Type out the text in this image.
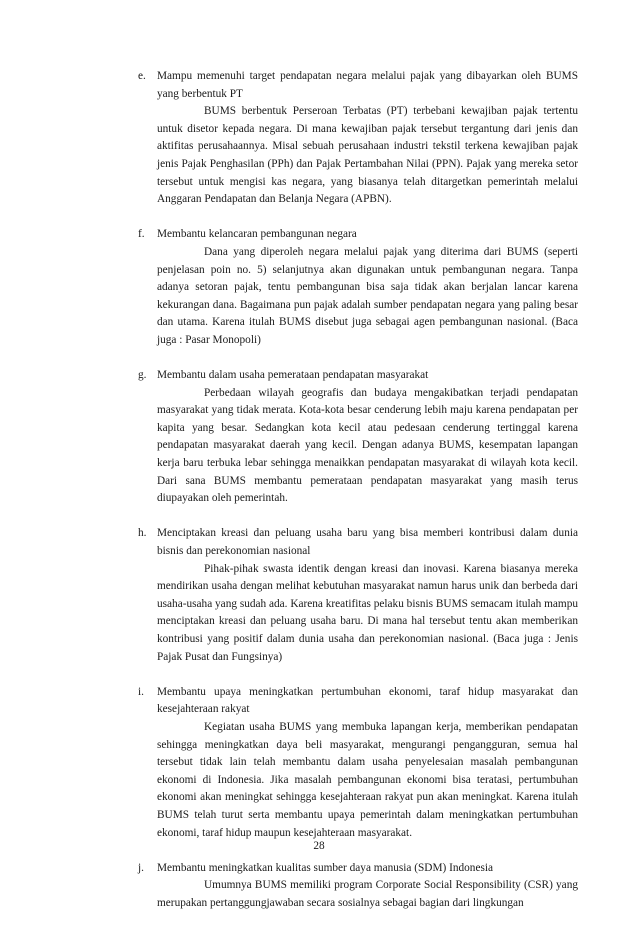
e. Mampu memenuhi target pendapatan negara melalui pajak yang dibayarkan oleh BUMS yang berbentuk PT
BUMS berbentuk Perseroan Terbatas (PT) terbebani kewajiban pajak tertentu untuk disetor kepada negara. Di mana kewajiban pajak tersebut tergantung dari jenis dan aktifitas perusahaannya. Misal sebuah perusahaan industri tekstil terkena kewajiban pajak jenis Pajak Penghasilan (PPh) dan Pajak Pertambahan Nilai (PPN). Pajak yang mereka setor tersebut untuk mengisi kas negara, yang biasanya telah ditargetkan pemerintah melalui Anggaran Pendapatan dan Belanja Negara (APBN).
f.	Membantu kelancaran pembangunan negara
Dana yang diperoleh negara melalui pajak yang diterima dari BUMS (seperti penjelasan poin no. 5) selanjutnya akan digunakan untuk pembangunan negara. Tanpa adanya setoran pajak, tentu pembangunan bisa saja tidak akan berjalan lancar karena kekurangan dana. Bagaimana pun pajak adalah sumber pendapatan negara yang paling besar dan utama. Karena itulah BUMS disebut juga sebagai agen pembangunan nasional. (Baca juga : Pasar Monopoli)
g. Membantu dalam usaha pemerataan pendapatan masyarakat
Perbedaan wilayah geografis dan budaya mengakibatkan terjadi pendapatan masyarakat yang tidak merata. Kota-kota besar cenderung lebih maju karena pendapatan per kapita yang besar. Sedangkan kota kecil atau pedesaan cenderung tertinggal karena pendapatan masyarakat daerah yang kecil. Dengan adanya BUMS, kesempatan lapangan kerja baru terbuka lebar sehingga menaikkan pendapatan masyarakat di wilayah kota kecil. Dari sana BUMS membantu pemerataan pendapatan masyarakat yang masih terus diupayakan oleh pemerintah.
h. Menciptakan kreasi dan peluang usaha baru yang bisa memberi kontribusi dalam dunia bisnis dan perekonomian nasional
Pihak-pihak swasta identik dengan kreasi dan inovasi. Karena biasanya mereka mendirikan usaha dengan melihat kebutuhan masyarakat namun harus unik dan berbeda dari usaha-usaha yang sudah ada. Karena kreatifitas pelaku bisnis BUMS semacam itulah mampu menciptakan kreasi dan peluang usaha baru. Di mana hal tersebut tentu akan memberikan kontribusi yang positif dalam dunia usaha dan perekonomian nasional. (Baca juga : Jenis Pajak Pusat dan Fungsinya)
i.	Membantu upaya meningkatkan pertumbuhan ekonomi, taraf hidup masyarakat dan kesejahteraan rakyat
Kegiatan usaha BUMS yang membuka lapangan kerja, memberikan pendapatan sehingga meningkatkan daya beli masyarakat, mengurangi pengangguran, semua hal tersebut tidak lain telah membantu dalam usaha penyelesaian masalah pembangunan ekonomi di Indonesia. Jika masalah pembangunan ekonomi bisa teratasi, pertumbuhan ekonomi akan meningkat sehingga kesejahteraan rakyat pun akan meningkat. Karena itulah BUMS telah turut serta membantu upaya pemerintah dalam meningkatkan pertumbuhan ekonomi, taraf hidup maupun kesejahteraan masyarakat.
j.	Membantu meningkatkan kualitas sumber daya manusia (SDM) Indonesia
Umumnya BUMS memiliki program Corporate Social Responsibility (CSR) yang merupakan pertanggungjawaban secara sosialnya sebagai bagian dari lingkungan
28
